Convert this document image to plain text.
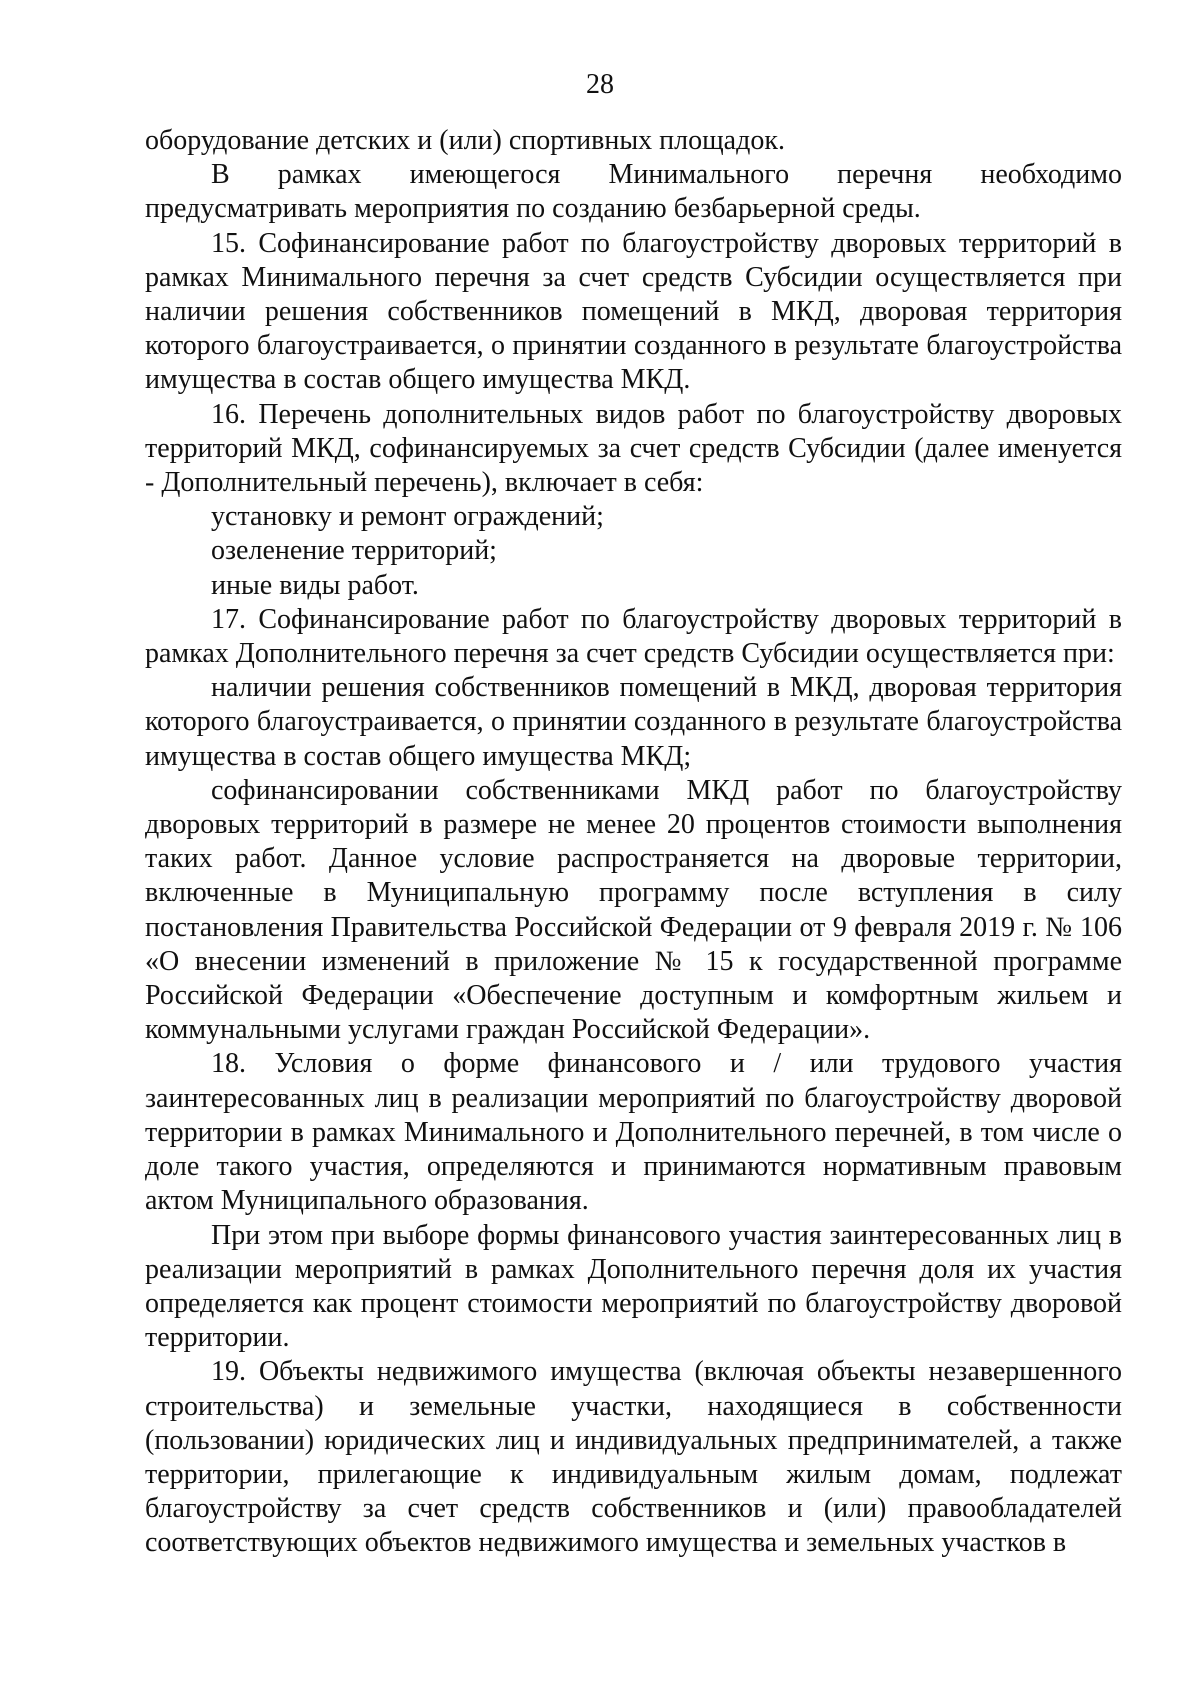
28

оборудование детских и (или) спортивных площадок.

В рамках имеющегося Минимального перечня необходимо предусматривать мероприятия по созданию безбарьерной среды.

15. Софинансирование работ по благоустройству дворовых территорий в рамках Минимального перечня за счет средств Субсидии осуществляется при наличии решения собственников помещений в МКД, дворовая территория которого благоустраивается, о принятии созданного в результате благоустройства имущества в состав общего имущества МКД.

16. Перечень дополнительных видов работ по благоустройству дворовых территорий МКД, софинансируемых за счет средств Субсидии (далее именуется - Дополнительный перечень), включает в себя:

установку и ремонт ограждений;

озеленение территорий;

иные виды работ.

17. Софинансирование работ по благоустройству дворовых территорий в рамках Дополнительного перечня за счет средств Субсидии осуществляется при:

наличии решения собственников помещений в МКД, дворовая территория которого благоустраивается, о принятии созданного в результате благоустройства имущества в состав общего имущества МКД;

софинансировании собственниками МКД работ по благоустройству дворовых территорий в размере не менее 20 процентов стоимости выполнения таких работ. Данное условие распространяется на дворовые территории, включенные в Муниципальную программу после вступления в силу постановления Правительства Российской Федерации от 9 февраля 2019 г. № 106 «О внесении изменений в приложение № 15 к государственной программе Российской Федерации «Обеспечение доступным и комфортным жильем и коммунальными услугами граждан Российской Федерации».

18. Условия о форме финансового и / или трудового участия заинтересованных лиц в реализации мероприятий по благоустройству дворовой территории в рамках Минимального и Дополнительного перечней, в том числе о доле такого участия, определяются и принимаются нормативным правовым актом Муниципального образования.

При этом при выборе формы финансового участия заинтересованных лиц в реализации мероприятий в рамках Дополнительного перечня доля их участия определяется как процент стоимости мероприятий по благоустройству дворовой территории.

19. Объекты недвижимого имущества (включая объекты незавершенного строительства) и земельные участки, находящиеся в собственности (пользовании) юридических лиц и индивидуальных предпринимателей, а также территории, прилегающие к индивидуальным жилым домам, подлежат благоустройству за счет средств собственников и (или) правообладателей соответствующих объектов недвижимого имущества и земельных участков в
